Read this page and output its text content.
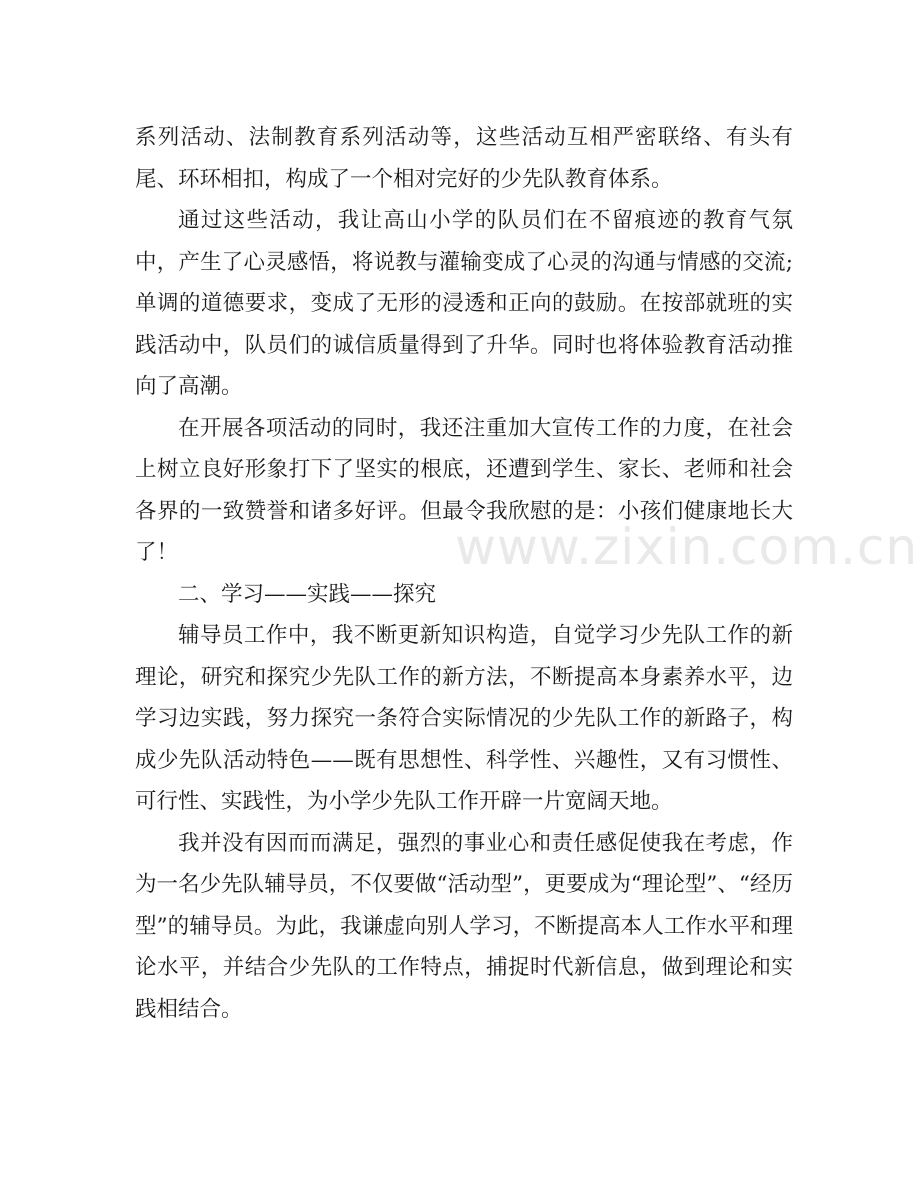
www.zixin.com.cn

系列活动、法制教育系列活动等，这些活动互相严密联络、有头有尾、环环相扣，构成了一个相对完好的少先队教育体系。

通过这些活动，我让高山小学的队员们在不留痕迹的教育气氛中，产生了心灵感悟，将说教与灌输变成了心灵的沟通与情感的交流;单调的道德要求，变成了无形的浸透和正向的鼓励。在按部就班的实践活动中，队员们的诚信质量得到了升华。同时也将体验教育活动推向了高潮。

在开展各项活动的同时，我还注重加大宣传工作的力度，在社会上树立良好形象打下了坚实的根底，还遭到学生、家长、老师和社会各界的一致赞誉和诸多好评。但最令我欣慰的是：小孩们健康地长大了！

二、学习——实践——探究

辅导员工作中，我不断更新知识构造，自觉学习少先队工作的新理论，研究和探究少先队工作的新方法，不断提高本身素养水平，边学习边实践，努力探究一条符合实际情况的少先队工作的新路子，构成少先队活动特色——既有思想性、科学性、兴趣性，又有习惯性、可行性、实践性，为小学少先队工作开辟一片宽阔天地。

我并没有因而而满足，强烈的事业心和责任感促使我在考虑，作为一名少先队辅导员，不仅要做“活动型”，更要成为“理论型”、“经历型”的辅导员。为此，我谦虚向别人学习，不断提高本人工作水平和理论水平，并结合少先队的工作特点，捕捉时代新信息，做到理论和实践相结合。
